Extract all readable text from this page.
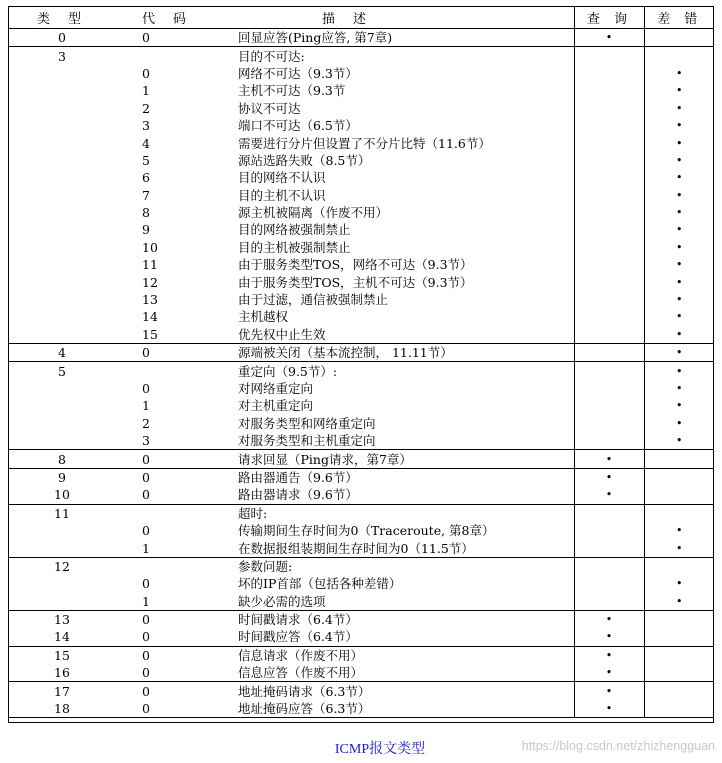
类型	代码	描述	查询	差错
0	0	回显应答(Ping应答, 第7章)	•	
3		目的不可达:		
	0	网络不可达（9.3节）		•
	1	主机不可达（9.3节		•
	2	协议不可达		•
	3	端口不可达（6.5节）		•
	4	需要进行分片但设置了不分片比特（11.6节）		•
	5	源站选路失败（8.5节）		•
	6	目的网络不认识		•
	7	目的主机不认识		•
	8	源主机被隔离（作废不用）		•
	9	目的网络被强制禁止		•
	10	目的主机被强制禁止		•
	11	由于服务类型TOS，网络不可达（9.3节）		•
	12	由于服务类型TOS，主机不可达（9.3节）		•
	13	由于过滤，通信被强制禁止		•
	14	主机越权		•
	15	优先权中止生效		•
4	0	源端被关闭（基本流控制， 11.11节）		•
5		重定向（9.5节）:		•
	0	对网络重定向		•
	1	对主机重定向		•
	2	对服务类型和网络重定向		•
	3	对服务类型和主机重定向		•
8	0	请求回显（Ping请求，第7章）	•	
9	0	路由器通告（9.6节）	•	
10	0	路由器请求（9.6节）	•	
11		超时:		
	0	传输期间生存时间为0（Traceroute, 第8章）		•
	1	在数据报组装期间生存时间为0（11.5节）		•
12		参数问题:		
	0	坏的IP首部（包括各种差错）		•
	1	缺少必需的选项		•
13	0	时间戳请求（6.4节）	•	
14	0	时间戳应答（6.4节）	•	
15	0	信息请求（作废不用）	•	
16	0	信息应答（作废不用）	•	
17	0	地址掩码请求（6.3节）	•	
18	0	地址掩码应答（6.3节）	•	
ICMP报文类型	https://blog.csdn.net/zhizhengguan
